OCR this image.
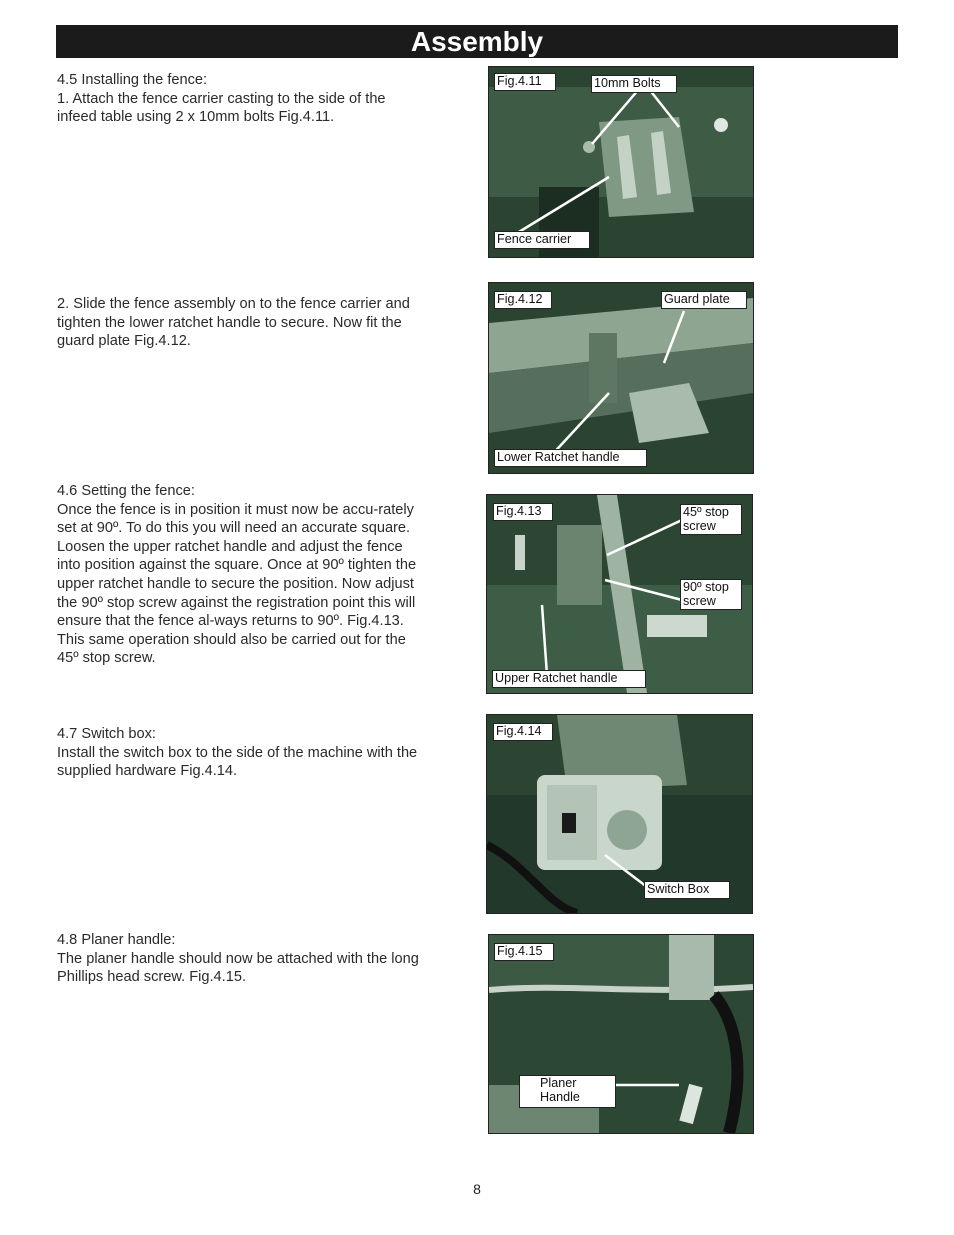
Assembly

4.5 Installing the fence:

1. Attach the fence carrier casting to the side of the infeed table using 2 x 10mm bolts Fig.4.11.

2. Slide the fence assembly on to the fence carrier and tighten the lower ratchet handle to secure. Now fit the guard plate Fig.4.12.

4.6 Setting the fence:

Once the fence is in position it must now be accu-rately set at 90º. To do this you will need an accurate square. Loosen the upper ratchet handle and adjust the fence into position against the square. Once at 90º tighten the upper ratchet handle to secure the position. Now adjust the 90º stop screw against the registration point this will ensure that the fence al-ways returns to 90º. Fig.4.13.

This same operation should also be carried out for the 45º stop screw.

4.7 Switch box:

Install the switch box to the side of the machine with the supplied hardware Fig.4.14.

4.8 Planer handle:

The planer handle should now be attached with the long Phillips head screw. Fig.4.15.

Fig.4.11	10mm Bolts
Fence carrier
Fig.4.12	Guard plate
Lower Ratchet handle
Fig.4.13	45º stop screw
90º stop screw
Upper Ratchet handle
Fig.4.14
Switch Box
Fig.4.15
Planer Handle
8
